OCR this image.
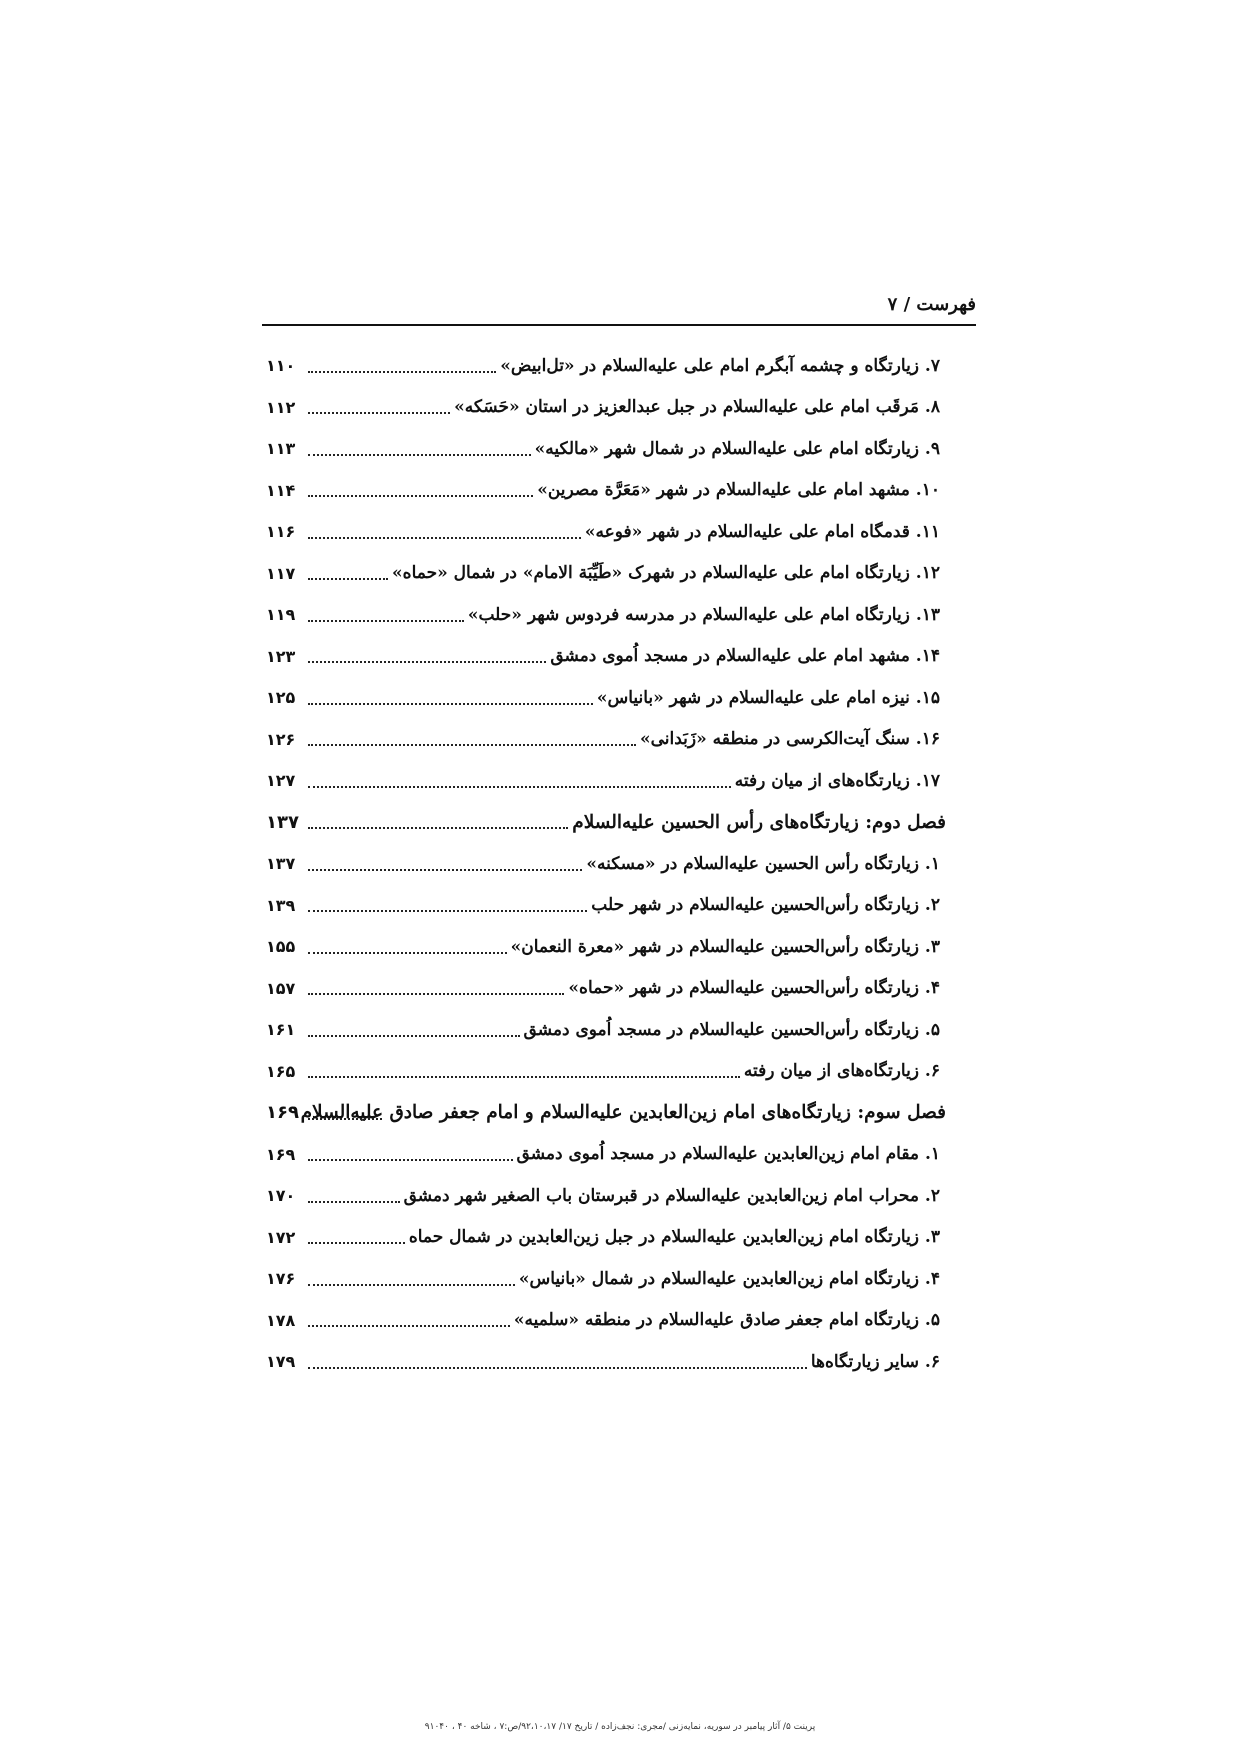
فهرست / ۷
۷. زیارتگاه و چشمه آبگرم امام علی عليه‌السلام در «تل‌ابیض»
۱۱۰
۸. مَرقَب امام علی عليه‌السلام در جبل عبدالعزیز در استان «حَسَکه»
۱۱۲
۹. زیارتگاه امام علی عليه‌السلام در شمال شهر «مالکیه»
۱۱۳
۱۰. مشهد امام علی عليه‌السلام در شهر «مَعَرَّة مصرین»
۱۱۴
۱۱. قدمگاه امام علی عليه‌السلام در شهر «فوعه»
۱۱۶
۱۲. زیارتگاه امام علی عليه‌السلام در شهرک «طَیِّبَة الامام» در شمال «حماه»
۱۱۷
۱۳. زیارتگاه امام علی عليه‌السلام در مدرسه فردوس شهر «حلب»
۱۱۹
۱۴. مشهد امام علی عليه‌السلام در مسجد اُموی دمشق
۱۲۳
۱۵. نیزه امام علی عليه‌السلام در شهر «بانیاس»
۱۲۵
۱۶. سنگ آیت‌الکرسی در منطقه «زَبَدانی»
۱۲۶
۱۷. زیارتگاه‌های از میان رفته
۱۲۷
فصل دوم: زیارتگاه‌های رأس الحسین عليه‌السلام
۱۳۷
۱. زیارتگاه رأس الحسین عليه‌السلام در «مسکنه»
۱۳۷
۲. زیارتگاه رأس‌الحسین عليه‌السلام در شهر حلب
۱۳۹
۳. زیارتگاه رأس‌الحسین عليه‌السلام در شهر «معرة النعمان»
۱۵۵
۴. زیارتگاه رأس‌الحسین عليه‌السلام در شهر «حماه»
۱۵۷
۵. زیارتگاه رأس‌الحسین عليه‌السلام در مسجد اُموی دمشق
۱۶۱
۶. زیارتگاه‌های از میان رفته
۱۶۵
فصل سوم: زیارتگاه‌های امام زین‌العابدین عليه‌السلام و امام جعفر صادق عليه‌السلام
۱۶۹
۱. مقام امام زین‌العابدین عليه‌السلام در مسجد اُموی دمشق
۱۶۹
۲. محراب امام زین‌العابدین عليه‌السلام در قبرستان باب الصغیر شهر دمشق
۱۷۰
۳. زیارتگاه امام زین‌العابدین عليه‌السلام در جبل زین‌العابدین در شمال حماه
۱۷۲
۴. زیارتگاه امام زین‌العابدین عليه‌السلام در شمال «بانیاس»
۱۷۶
۵. زیارتگاه امام جعفر صادق عليه‌السلام در منطقه «سلمیه»
۱۷۸
۶. سایر زیارتگاه‌ها
۱۷۹
پرینت ۵/ آثار پیامبر در سوریه، نمایه‌زنی /مجری: نجف‌زاده / تاریخ ۱۷/ ۹۲،۱۰،۱۷/ص:۷ ، شاخه ۴۰ ، ۹۱۰۴۰
